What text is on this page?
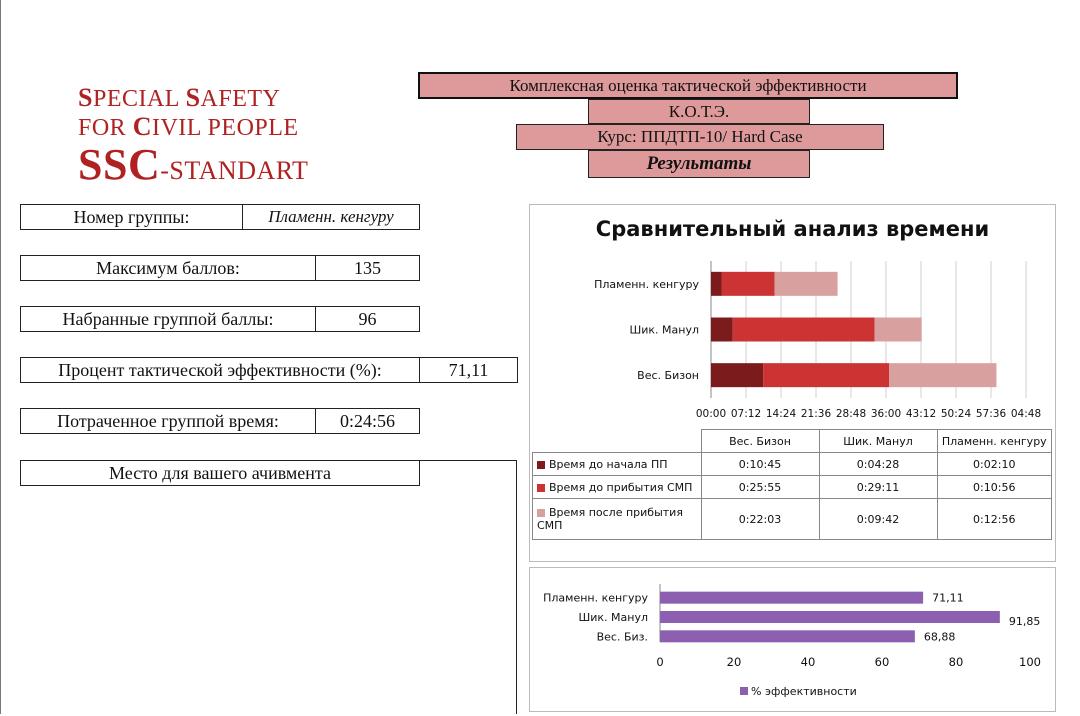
SPECIAL SAFETY
FOR CIVIL PEOPLE
SSC-STANDART
Комплексная оценка тактической эффективности
К.О.Т.Э.
Курс: ППДТП-10/ Hard Case
Результаты
Номер группы:	Пламенн. кенгуру
Максимум баллов:	135
Набранные группой баллы:	96
Процент тактической эффективности (%):	71,11
Потраченное группой время:	0:24:56
Место для вашего ачивмента
Сравнительный анализ времени
Пламенн. кенгуру
Шик. Манул
Вес. Бизон
00:00 07:12 14:24 21:36 28:48 36:00 43:12 50:24 57:36 04:48
	Вес. Бизон	Шик. Манул	Пламенн. кенгуру
Время до начала ПП	0:10:45	0:04:28	0:02:10
Время до прибытия СМП	0:25:55	0:29:11	0:10:56
Время после прибытия СМП	0:22:03	0:09:42	0:12:56
71,11
91,85
68,88
Пламенн. кенгуру
Шик. Манул
Вес. Биз.
0	20	40	60	80	100
% эффективности
